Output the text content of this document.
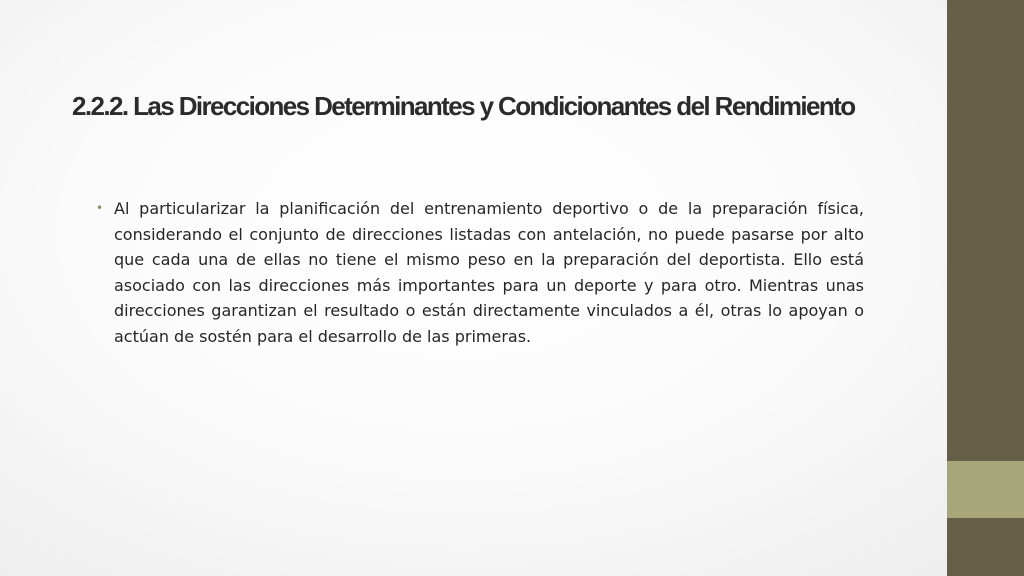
2.2.2. Las Direcciones Determinantes y Condicionantes del Rendimiento
• Al particularizar la planificación del entrenamiento deportivo o de la preparación física, considerando el conjunto de direcciones listadas con antelación, no puede pasarse por alto que cada una de ellas no tiene el mismo peso en la preparación del deportista. Ello está asociado con las direcciones más importantes para un deporte y para otro. Mientras unas direcciones garantizan el resultado o están directamente vinculados a él, otras lo apoyan o actúan de sostén para el desarrollo de las primeras.
